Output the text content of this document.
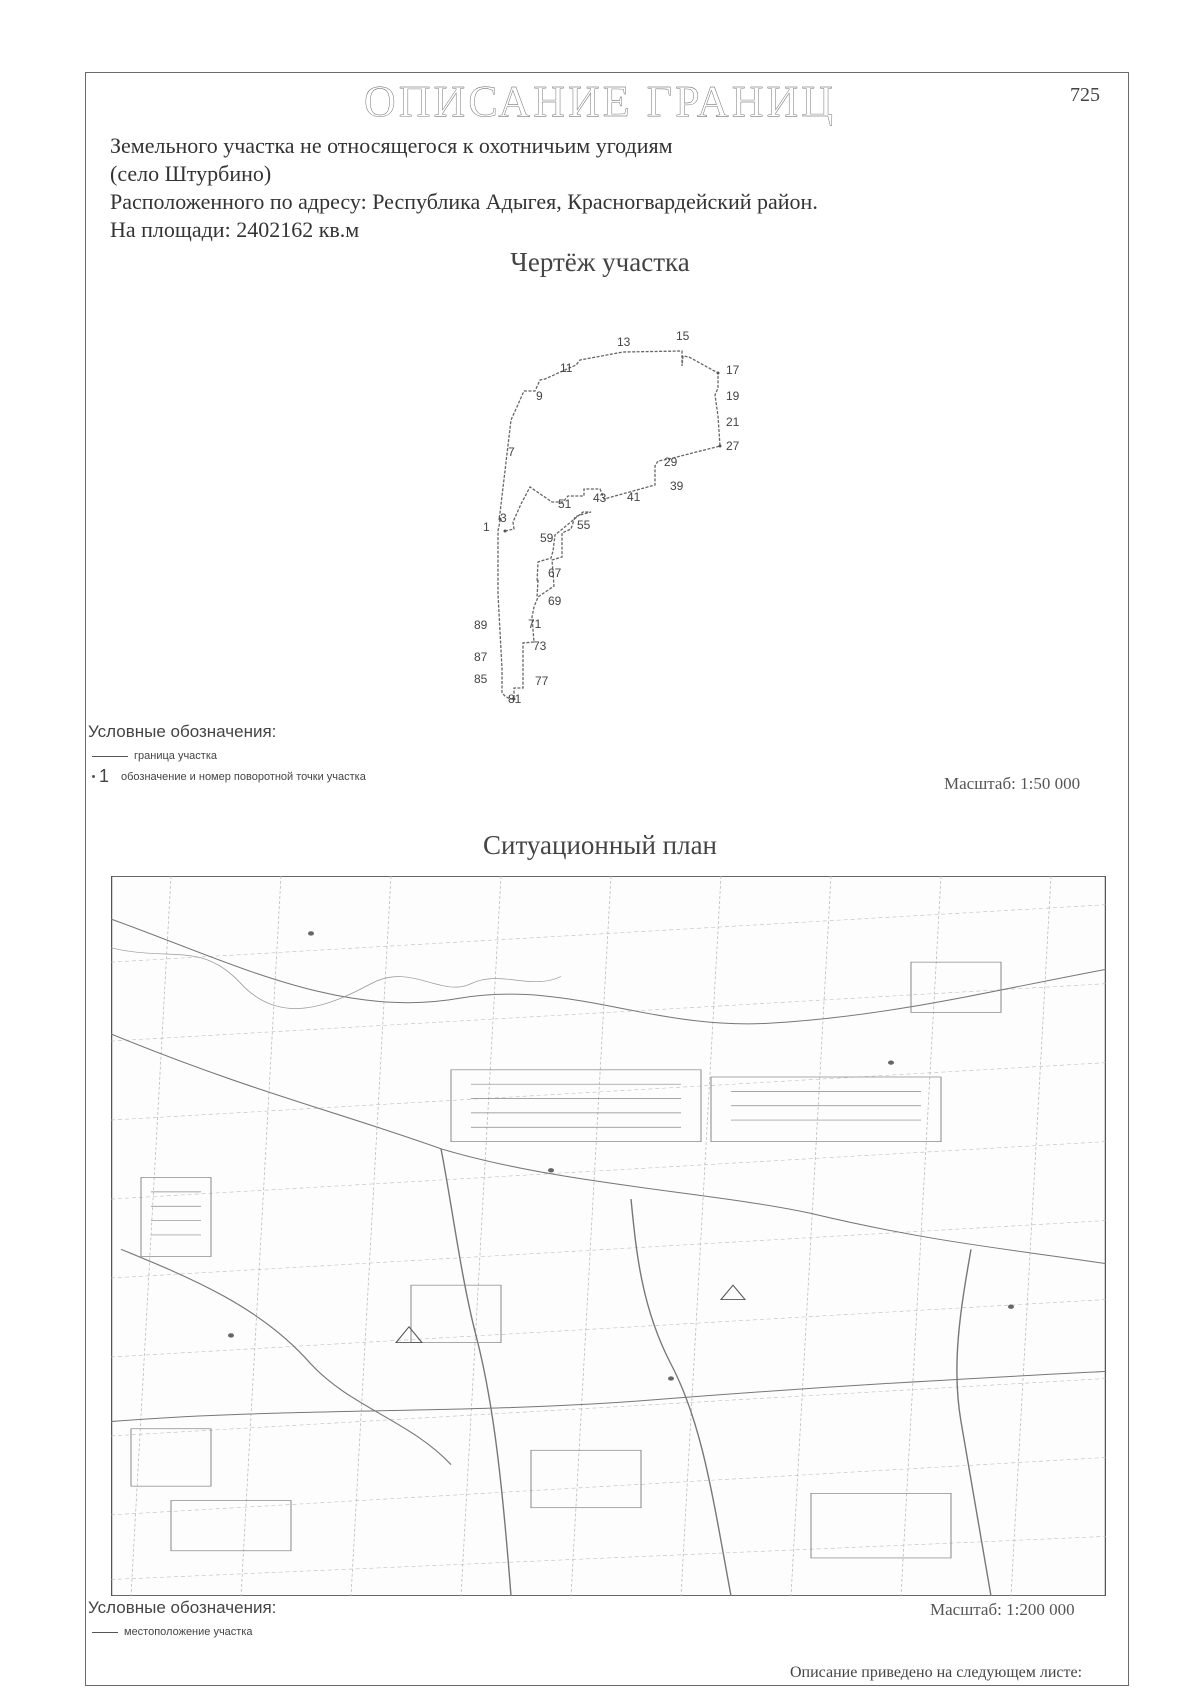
ОПИСАНИЕ ГРАНИЦ	725
Земельного участка не относящегося к охотничьим угодиям
(село Штурбино)
Расположенного по адресу: Республика Адыгея, Красногвардейский район.
На площади: 2402162 кв.м
Чертёж участка
1
3
7
9
11
13	15
17
19
21
27
29
39
41
43
51
55
59
67
69
71
73
77
81
85
87
89
Условные обозначения:
граница участка
1 обозначение и номер поворотной точки участка	Масштаб: 1:50 000
Ситуационный план
Условные обозначения:	Масштаб: 1:200 000
местоположение участка
Описание приведено на следующем листе:
